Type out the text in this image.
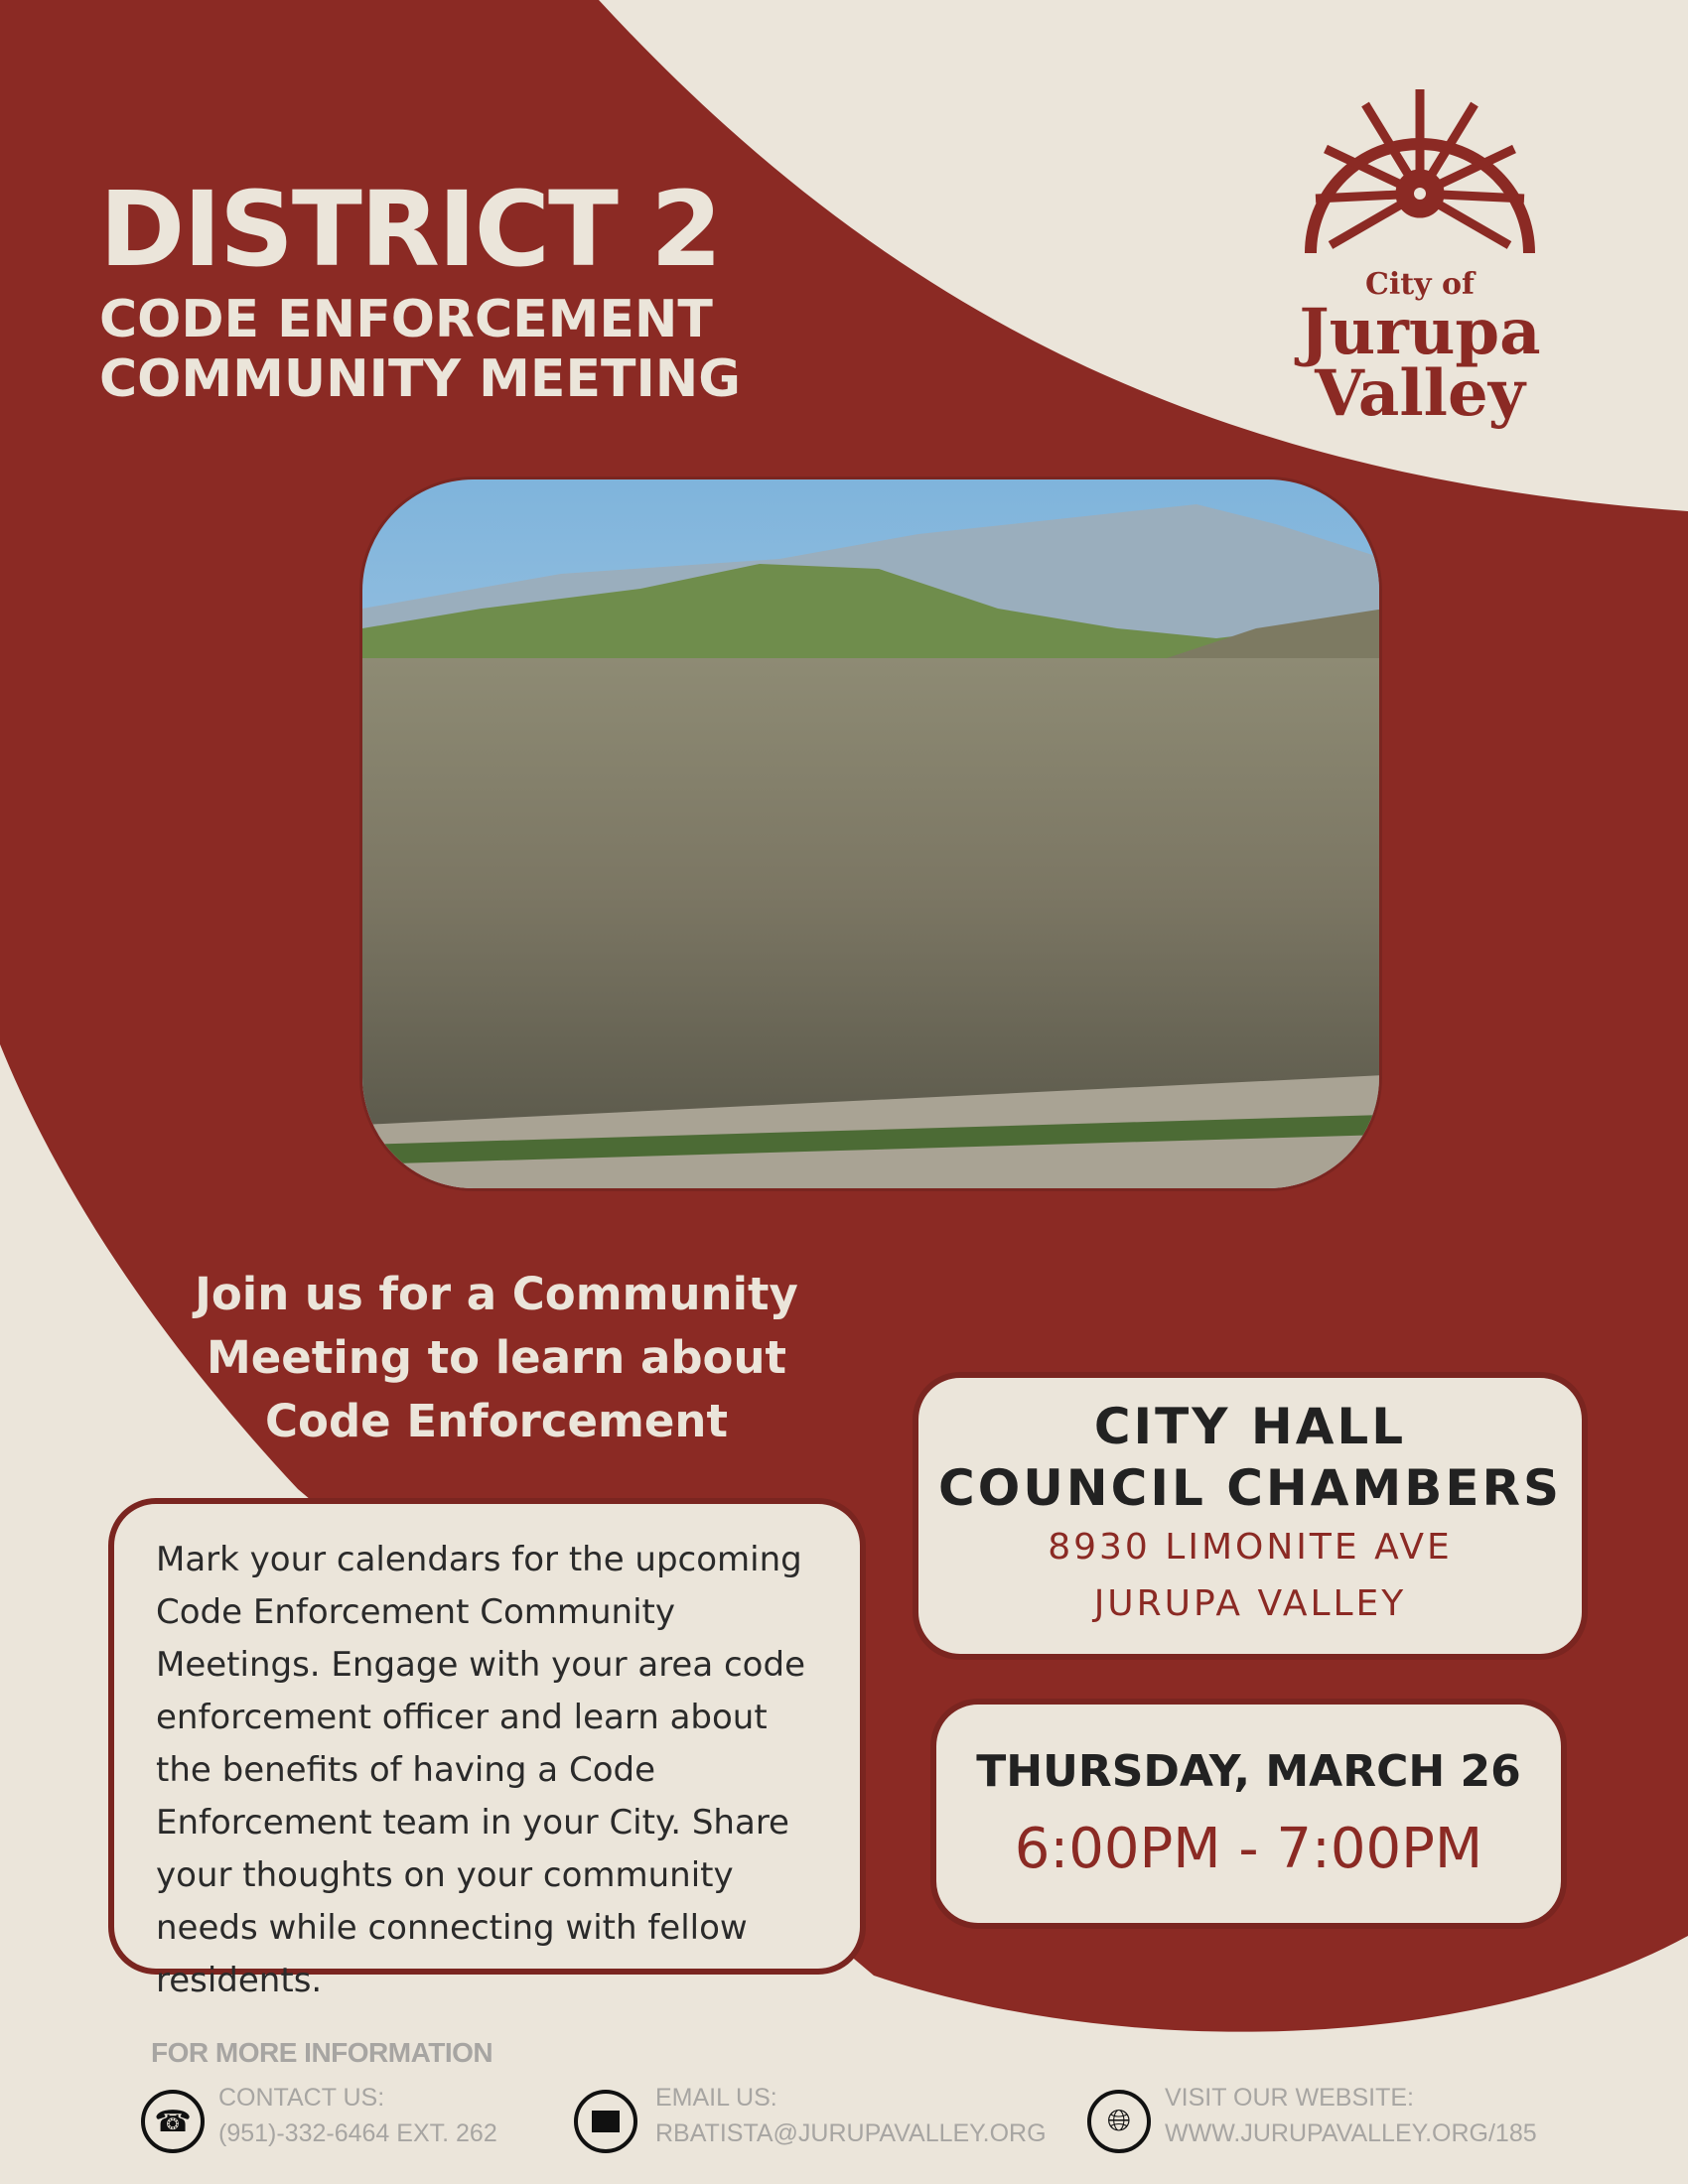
DISTRICT 2
CODE ENFORCEMENT
COMMUNITY MEETING
City of
Jurupa
Valley
Join us for a Community
Meeting to learn about
Code Enforcement

Mark your calendars for the upcoming Code Enforcement Community Meetings. Engage with your area code enforcement officer and learn about the benefits of having a Code Enforcement team in your City. Share your thoughts on your community needs while connecting with fellow residents.

CITY HALL
COUNCIL CHAMBERS
8930 LIMONITE AVE
JURUPA VALLEY
THURSDAY, MARCH 26
6:00PM - 7:00PM
FOR MORE INFORMATION
☎
CONTACT US:
(951)-332-6464 EXT. 262
EMAIL US:
RBATISTA@JURUPAVALLEY.ORG	🌐︎
VISIT OUR WEBSITE:
WWW.JURUPAVALLEY.ORG/185
